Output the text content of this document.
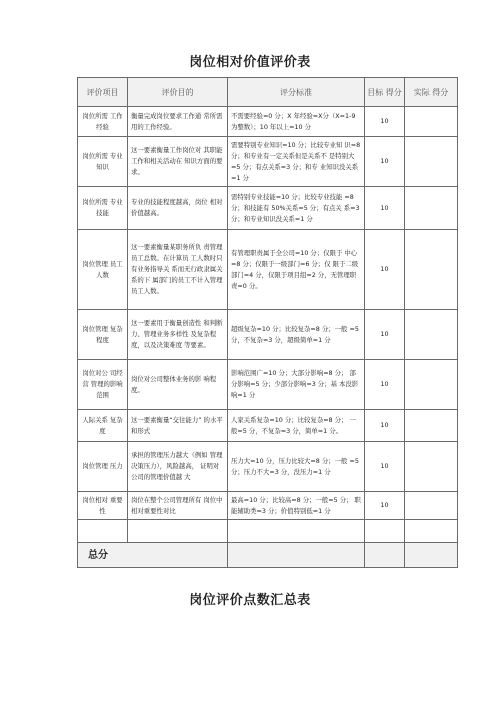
岗位相对价值评价表
评价项目	评价目的	评分标准	目标 得分	实际 得分
岗位所需 工作经验	衡量完成岗位要求工作通 常所需用的工作经验。	不需要经验=0 分；X 年经验=X分（X=1-9 为整数）；10 年以上=10 分	10	
岗位所需 专业知识	这一要素衡量工作岗位对 其职能工作和相关活动在 知识方面的要求。	需要特别专业知识=10 分；比较专业知 识=8 分；和专业有一定关系但是关系不 是特别大=5 分；有点关系=3 分；和专 业知识没关系=1 分	10	
岗位所需 专业技能	专业的技能程度越高，岗位 相对价值越高。	需特别专业技能=10 分；比较专业技能 =8 分；和技能有 50%关系=5 分；有点关 系=3 分；和专业知识没关系=1 分	10	
岗位管理 员工人数	这一要素衡量某职务所负 责管理员工总数。在计算员 工人数时只有业务指导关 系而无行政隶属关系的下 属部门的员工不计入管理 员工人数。	有管理职责属于全公司=10 分；仅限于 中心=8 分；仅限于一级部门=6 分；仅 限于二级部门=4 分，仅限于项目组=2 分，无管理职责=0 分。	10	
岗位管理 复杂程度	这一要素用于衡量创造性 和判断力、管理业务多样性 及复杂程度，以及决策难度 等要素。	超级复杂=10 分；比较复杂=8 分；一般 =5 分，不复杂=3 分，超级简单=1 分	10	
岗位对公 司经营 管理的影响范围	岗位对公司整体业务的影 响程度。	影响范围广=10 分；大部分影响=8 分； 部分影响=5 分；少部分影响=3 分；基 本没影响=1 分	10	
人际关系 复杂度	这一要素衡量“交往能力” 的水平和形式	人家关系复杂=10 分；比较复杂=8 分； 一般=5 分，不复杂=3 分，简单=1 分。	10	
岗位管理 压力	承担的管理压力越大（例如 管理决策压力），风险越高， 证明对公司的管理价值越 大	压力大=10 分，压力比较大=8 分；一般 =5 分；压力不大=3 分，没压力=1 分	10	
岗位相对 重要性	岗位在整个公司管理所有 岗位中相对重要性对比	最高=10 分；比较高=8 分；一般=5 分； 职能辅助类=3 分；价值特别低=1 分	10	

总分				
岗位评价点数汇总表
